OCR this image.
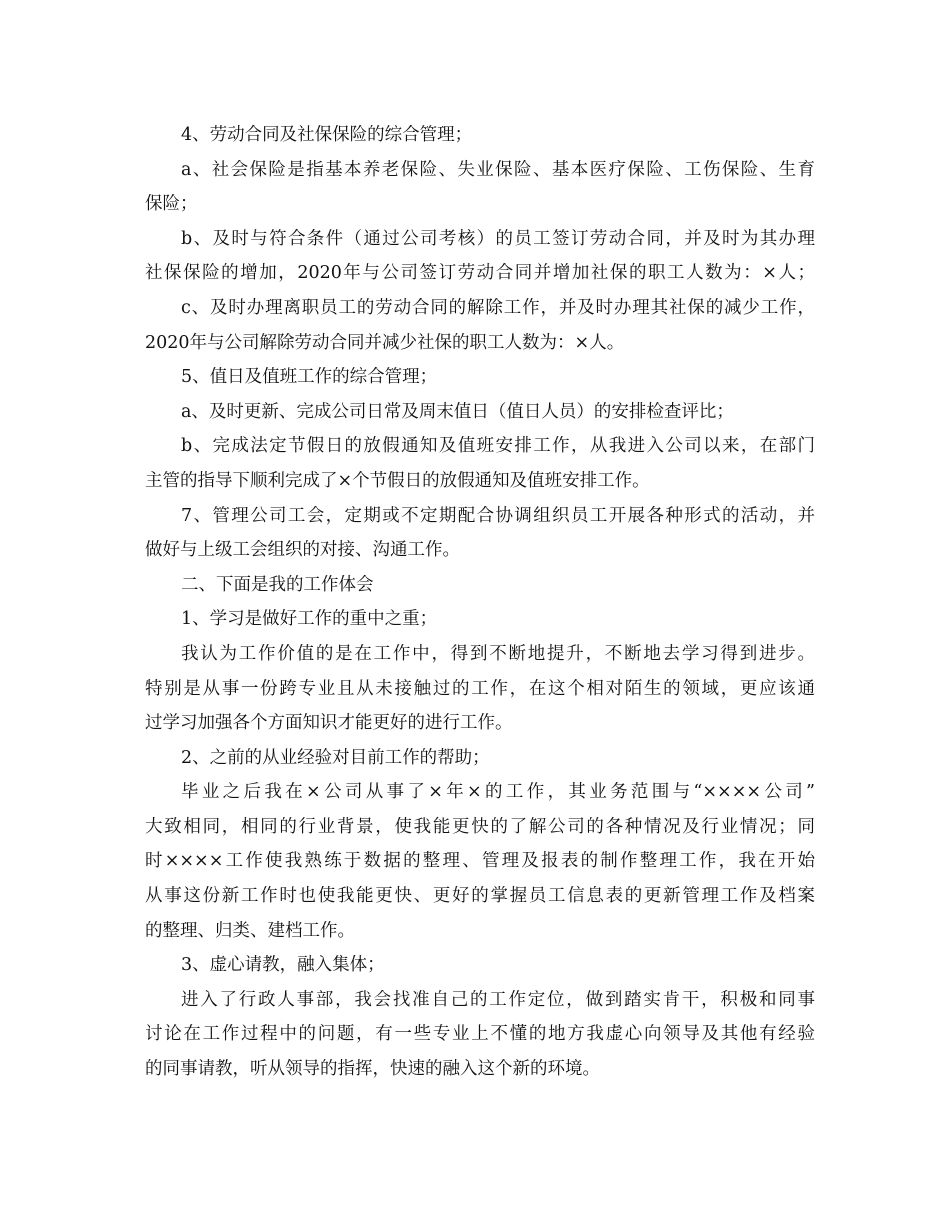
4、劳动合同及社保保险的综合管理；
a、社会保险是指基本养老保险、失业保险、基本医疗保险、工伤保险、生育
保险；
b、及时与符合条件（通过公司考核）的员工签订劳动合同，并及时为其办理
社保保险的增加，2020年与公司签订劳动合同并增加社保的职工人数为：×人；
c、及时办理离职员工的劳动合同的解除工作，并及时办理其社保的减少工作，
2020年与公司解除劳动合同并减少社保的职工人数为：×人。
5、值日及值班工作的综合管理；
a、及时更新、完成公司日常及周末值日（值日人员）的安排检查评比；
b、完成法定节假日的放假通知及值班安排工作，从我进入公司以来，在部门
主管的指导下顺利完成了×个节假日的放假通知及值班安排工作。
7、管理公司工会，定期或不定期配合协调组织员工开展各种形式的活动，并
做好与上级工会组织的对接、沟通工作。
二、下面是我的工作体会
1、学习是做好工作的重中之重；
我认为工作价值的是在工作中，得到不断地提升，不断地去学习得到进步。
特别是从事一份跨专业且从未接触过的工作，在这个相对陌生的领域，更应该通
过学习加强各个方面知识才能更好的进行工作。
2、之前的从业经验对目前工作的帮助；
毕业之后我在×公司从事了×年×的工作，其业务范围与“××××公司”
大致相同，相同的行业背景，使我能更快的了解公司的各种情况及行业情况；同
时××××工作使我熟练于数据的整理、管理及报表的制作整理工作，我在开始
从事这份新工作时也使我能更快、更好的掌握员工信息表的更新管理工作及档案
的整理、归类、建档工作。
3、虚心请教，融入集体；
进入了行政人事部，我会找准自己的工作定位，做到踏实肯干，积极和同事
讨论在工作过程中的问题，有一些专业上不懂的地方我虚心向领导及其他有经验
的同事请教，听从领导的指挥，快速的融入这个新的环境。
